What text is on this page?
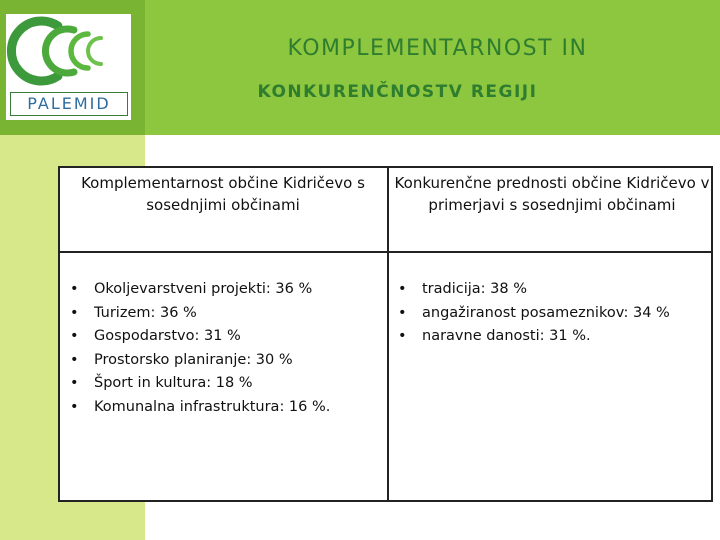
PALEMID
KOMPLEMENTARNOST IN
KONKURENČNOSTV REGIJI
Komplementarnost občine Kidričevo s sosednjimi občinami
Konkurenčne prednosti občine Kidričevo v primerjavi s sosednjimi občinami
• Okoljevarstveni projekti: 36 %
• Turizem: 36 %
• Gospodarstvo: 31 %
• Prostorsko planiranje: 30 %
• Šport in kultura: 18 %
• Komunalna infrastruktura: 16 %.
• tradicija: 38 %
• angažiranost posameznikov: 34 %
• naravne danosti: 31 %.
